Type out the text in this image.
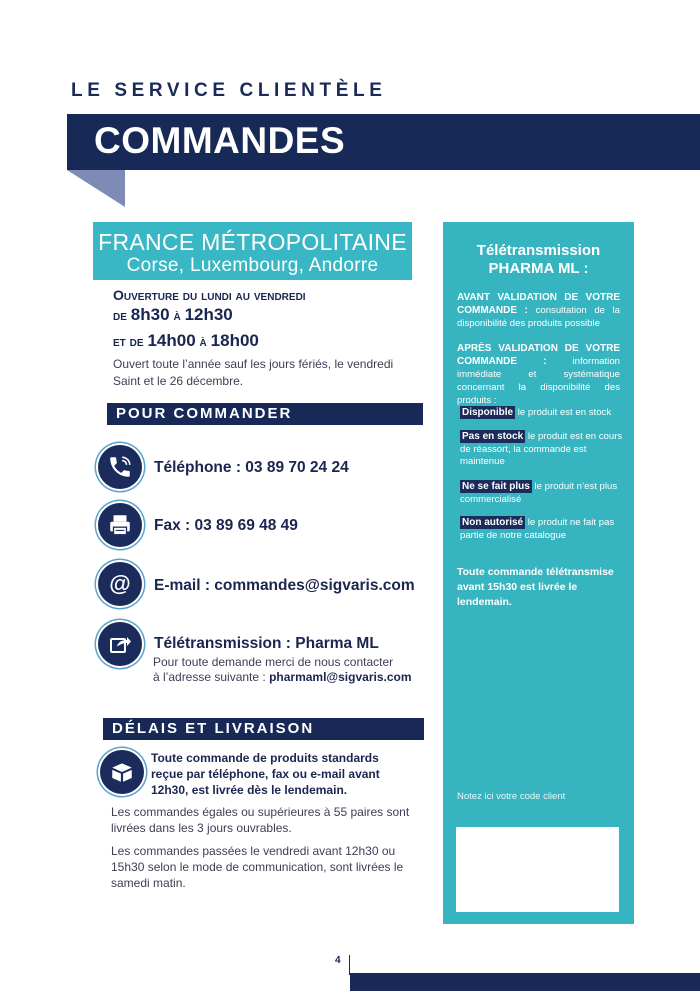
LE SERVICE CLIENTÈLE
COMMANDES
FRANCE MÉTROPOLITAINE
Corse, Luxembourg, Andorre
Ouverture du lundi au vendredi
de 8h30 à 12h30
et de 14h00 à 18h00
Ouvert toute l’année sauf les jours fériés, le vendredi Saint et le 26 décembre.
POUR COMMANDER
Téléphone : 03 89 70 24 24
Fax : 03 89 69 48 49
@ E-mail : commandes@sigvaris.com
Télétransmission : Pharma ML
Pour toute demande merci de nous contacter
à l’adresse suivante : pharmaml@sigvaris.com
DÉLAIS ET LIVRAISON
Toute commande de produits standards reçue par téléphone, fax ou e-mail avant 12h30, est livrée dès le lendemain.
Les commandes égales ou supérieures à 55 paires sont livrées dans les 3 jours ouvrables.
Les commandes passées le vendredi avant 12h30 ou 15h30 selon le mode de communication, sont livrées le samedi matin.
Télétransmission
PHARMA ML :
AVANT VALIDATION DE VOTRE COMMANDE : consultation de la disponibilité des produits possible
APRÈS VALIDATION DE VOTRE COMMANDE :	information immédiate et systématique concernant la disponibilité des produits :
Disponible le produit est en stock
Pas en stock le produit est en cours de réassort, la commande est maintenue
Ne se fait plus le produit n’est plus commercialisé
Non autorisé le produit ne fait pas partie de notre catalogue
Toute commande télétransmise avant 15h30 est livrée le lendemain.
Notez ici votre code client
4
